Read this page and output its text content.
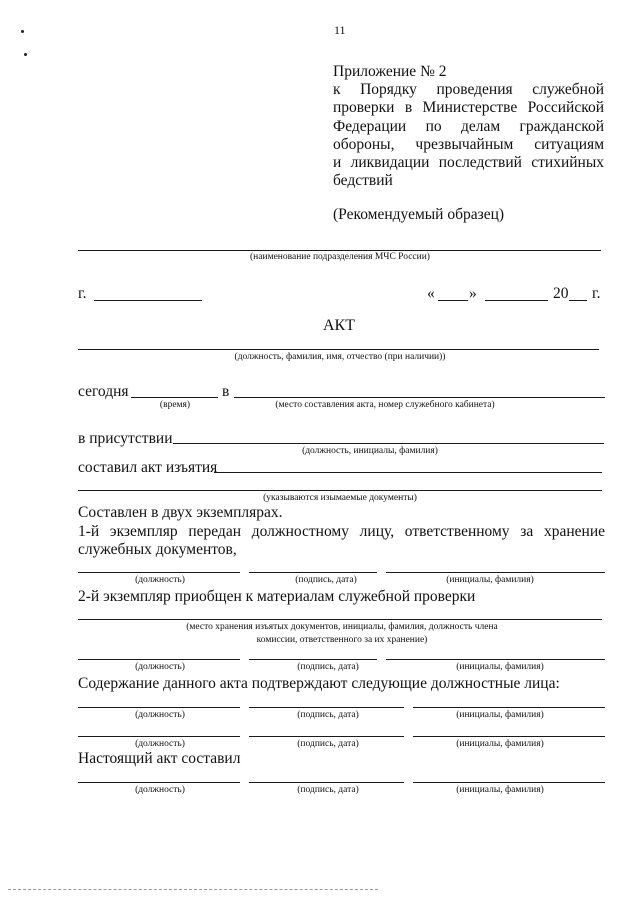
11
Приложение № 2
к Порядку проведения служебной
проверки в Министерстве Российской
Федерации по делам гражданской
обороны, чрезвычайным ситуациям
и ликвидации последствий стихийных
бедствий
(Рекомендуемый образец)
(наименование подразделения МЧС России)
г.	« »	20 г.
АКТ
(должность, фамилия, имя, отчество (при наличии))
сегодня	в
(время)	(место составления акта, номер служебного кабинета)
в присутствии
(должность, инициалы, фамилия)
составил акт изъятия
(указываются изымаемые документы)
Составлен в двух экземплярах.
1-й экземпляр передан должностному лицу, ответственному за хранение
служебных документов,
(должность)	(подпись, дата)	(инициалы, фамилия)
2-й экземпляр приобщен к материалам служебной проверки
(место хранения изъятых документов, инициалы, фамилия, должность члена
комиссии, ответственного за их хранение)
(должность)	(подпись, дата)	(инициалы, фамилия)
Содержание данного акта подтверждают следующие должностные лица:
(должность)	(подпись, дата)	(инициалы, фамилия)
(должность)	(подпись, дата)	(инициалы, фамилия)
Настоящий акт составил
(должность)	(подпись, дата)	(инициалы, фамилия)
